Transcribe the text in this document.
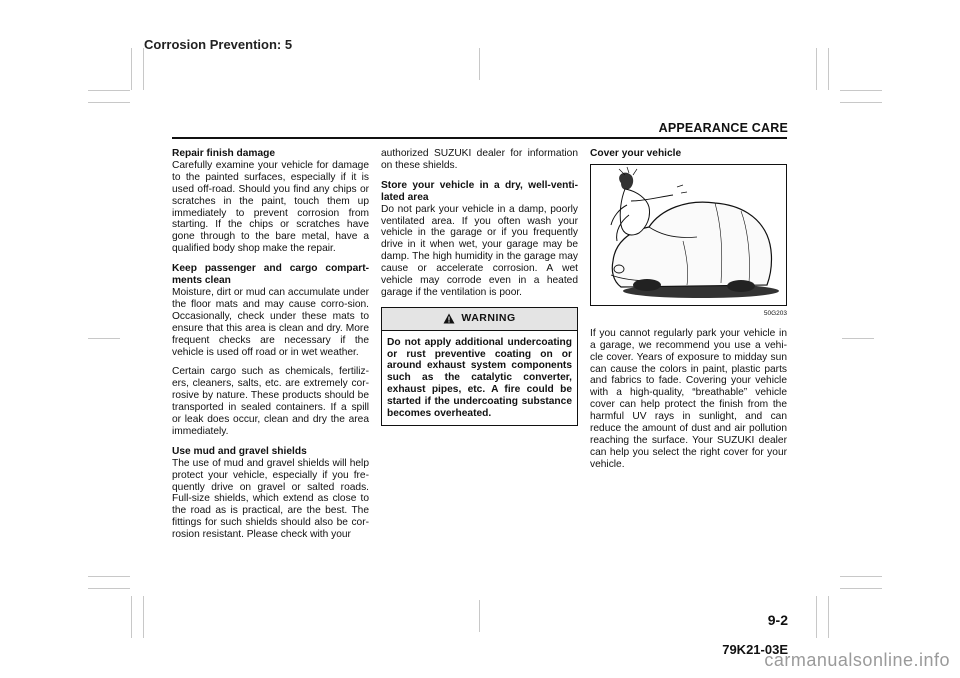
Corrosion Prevention: 5
APPEARANCE CARE

Repair finish damage
Carefully examine your vehicle for damage to the painted surfaces, especially if it is used off-road. Should you find any chips or scratches in the paint, touch them up immediately to prevent corrosion from starting. If the chips or scratches have gone through to the bare metal, have a qualified body shop make the repair.

Keep passenger and cargo compart-ments clean
Moisture, dirt or mud can accumulate under the floor mats and may cause corro-sion. Occasionally, check under these mats to ensure that this area is clean and dry. More frequent checks are necessary if the vehicle is used off road or in wet weather.

Certain cargo such as chemicals, fertiliz-ers, cleaners, salts, etc. are extremely cor-rosive by nature. These products should be transported in sealed containers. If a spill or leak does occur, clean and dry the area immediately.

Use mud and gravel shields
The use of mud and gravel shields will help protect your vehicle, especially if you fre-quently drive on gravel or salted roads. Full-size shields, which extend as close to the road as is practical, are the best. The fittings for such shields should also be cor-rosion resistant. Please check with your

authorized SUZUKI dealer for information on these shields.

Store your vehicle in a dry, well-venti-lated area
Do not park your vehicle in a damp, poorly ventilated area. If you often wash your vehicle in the garage or if you frequently drive in it when wet, your garage may be damp. The high humidity in the garage may cause or accelerate corrosion. A wet vehicle may corrode even in a heated garage if the ventilation is poor.

WARNING
Do not apply additional undercoating or rust preventive coating on or around exhaust system components such as the catalytic converter, exhaust pipes, etc. A fire could be started if the undercoating substance becomes overheated.
Cover your vehicle
50G203

If you cannot regularly park your vehicle in a garage, we recommend you use a vehi-cle cover. Years of exposure to midday sun can cause the colors in paint, plastic parts and fabrics to fade. Covering your vehicle with a high-quality, “breathable” vehicle cover can help protect the finish from the harmful UV rays in sunlight, and can reduce the amount of dust and air pollution reaching the surface. Your SUZUKI dealer can help you select the right cover for your vehicle.

9-2
79K21-03E
carmanualsonline.info
